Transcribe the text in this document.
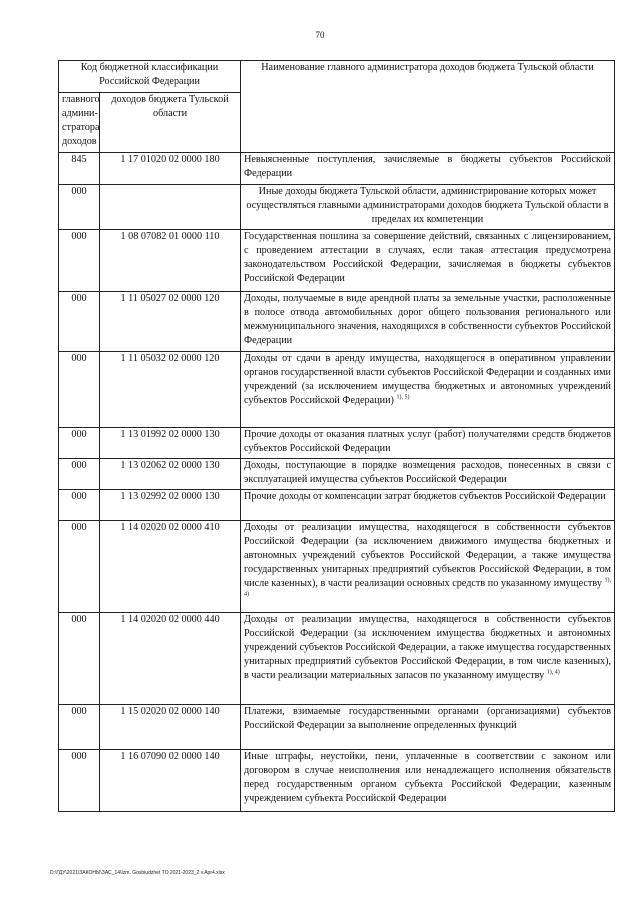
70
Код бюджетной классификации Российской Федерации		Наименование главного администратора доходов бюджета Тульской области
главного админи-стратора доходов	доходов бюджета Тульской области	
845	1 17 01020 02 0000 180	Невыясненные поступления, зачисляемые в бюджеты субъектов Российской Федерации
000		Иные доходы бюджета Тульской области, администрирование которых может осуществляться главными администраторами доходов бюджета Тульской области в пределах их компетенции
000	1 08 07082 01 0000 110	Государственная пошлина за совершение действий, связанных с лицензированием, с проведением аттестации в случаях, если такая аттестация предусмотрена законодательством Российской Федерации, зачисляемая в бюджеты субъектов Российской Федерации
000	1 11 05027 02 0000 120	Доходы, получаемые в виде арендной платы за земельные участки, расположенные в полосе отвода автомобильных дорог общего пользования регионального или межмуниципального значения, находящихся в собственности субъектов Российской Федерации
000	1 11 05032 02 0000 120	Доходы от сдачи в аренду имущества, находящегося в оперативном управлении органов государственной власти субъектов Российской Федерации и созданных ими учреждений (за исключением имущества бюджетных и автономных учреждений субъектов Российской Федерации) $^{1), 5)}$
000	1 13 01992 02 0000 130	Прочие доходы от оказания платных услуг (работ) получателями средств бюджетов субъектов Российской Федерации
000	1 13 02062 02 0000 130	Доходы, поступающие в порядке возмещения расходов, понесенных в связи с эксплуатацией имущества субъектов Российской Федерации
000	1 13 02992 02 0000 130	Прочие доходы от компенсации затрат бюджетов субъектов Российской Федерации
000	1 14 02020 02 0000 410	Доходы от реализации имущества, находящегося в собственности субъектов Российской Федерации (за исключением движимого имущества бюджетных и автономных учреждений субъектов Российской Федерации, а также имущества государственных унитарных предприятий субъектов Российской Федерации, в том числе казенных), в части реализации основных средств по указанному имуществу $^{1), 4)}$
000	1 14 02020 02 0000 440	Доходы от реализации имущества, находящегося в собственности субъектов Российской Федерации (за исключением имущества бюджетных и автономных учреждений субъектов Российской Федерации, а также имущества государственных унитарных предприятий субъектов Российской Федерации, в том числе казенных), в части реализации материальных запасов по указанному имуществу $^{1), 4)}$
000	1 15 02020 02 0000 140	Платежи, взимаемые государственными органами (организациями) субъектов Российской Федерации за выполнение определенных функций
000	1 16 07090 02 0000 140	Иные штрафы, неустойки, пени, уплаченные в соответствии с законом или договором в случае неисполнения или ненадлежащего исполнения обязательств перед государственным органом субъекта Российской Федерации, казенным учреждением субъекта Российской Федерации
D:\ГДУ\2021\ЗАКОНЫ\ЗАС_14\Izm. Gosbiudzhet TO 2021-2023_2 v.Apr4.xlsx
